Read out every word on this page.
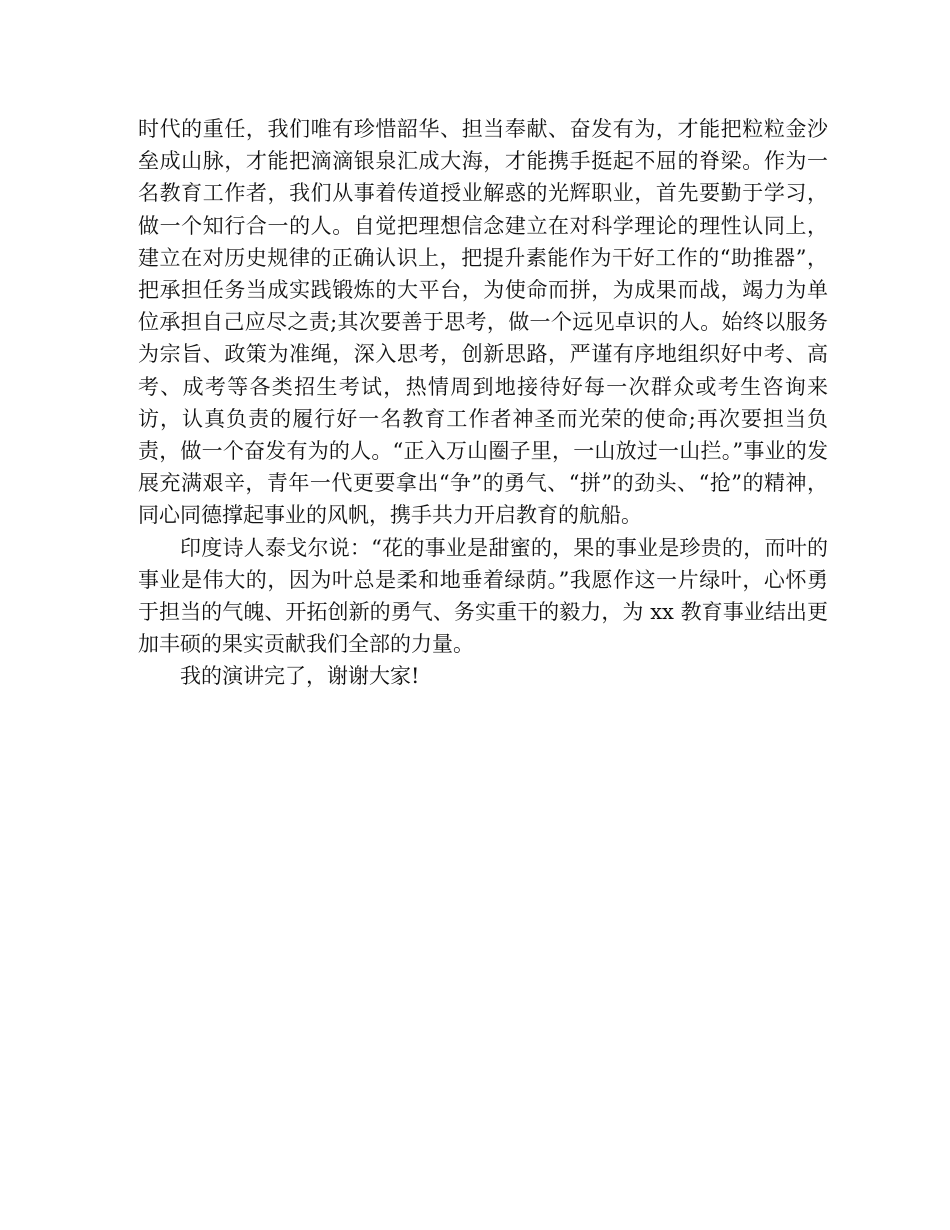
时代的重任，我们唯有珍惜韶华、担当奉献、奋发有为，才能把粒粒金沙垒成山脉，才能把滴滴银泉汇成大海，才能携手挺起不屈的脊梁。作为一名教育工作者，我们从事着传道授业解惑的光辉职业，首先要勤于学习，做一个知行合一的人。自觉把理想信念建立在对科学理论的理性认同上，建立在对历史规律的正确认识上，把提升素能作为干好工作的“助推器”，把承担任务当成实践锻炼的大平台，为使命而拼，为成果而战，竭力为单位承担自己应尽之责;其次要善于思考，做一个远见卓识的人。始终以服务为宗旨、政策为准绳，深入思考，创新思路，严谨有序地组织好中考、高考、成考等各类招生考试，热情周到地接待好每一次群众或考生咨询来访，认真负责的履行好一名教育工作者神圣而光荣的使命;再次要担当负责，做一个奋发有为的人。“正入万山圈子里，一山放过一山拦。”事业的发展充满艰辛，青年一代更要拿出“争”的勇气、“拼”的劲头、“抢”的精神，同心同德撑起事业的风帆，携手共力开启教育的航船。

印度诗人泰戈尔说：“花的事业是甜蜜的，果的事业是珍贵的，而叶的事业是伟大的，因为叶总是柔和地垂着绿荫。”我愿作这一片绿叶，心怀勇于担当的气魄、开拓创新的勇气、务实重干的毅力，为 xx 教育事业结出更加丰硕的果实贡献我们全部的力量。

我的演讲完了，谢谢大家!
